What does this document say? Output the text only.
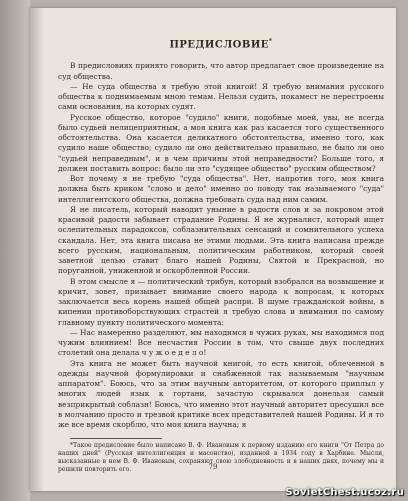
ПРЕДИСЛОВИЕ*

В предисловиях принято говорить, что автор предлагает свое произведение на суд общества.

— Не суда общества я требую этой книгой! Я требую внимания русского общества к поднимаемым мною темам. Нельзя судить, покамест не перестроены сами основания, на которых судят.

Русское общество, которое "судило" книги, подобные моей, увы, не всегда было судьей нелицеприятным, а моя книга как раз касается того существенного обстоятельства. Она касается деликатного обстоятельства, именно того, как судило наше общество; судило ли оно действительно правильно, не было ли оно "судьей неправедным", и в чем причины этой неправедности? Больше того, я должен поставить вопрос: было ли это "судящее общество" русским обществом?

Вот почему я не требую "суда общества". Нет, напротив того, моя книга должна быть криком "слово и дело" именно по поводу так называемого "суда" интеллигентского общества, должна требовать суда над ним самим.

Я не писатель, который наводит уныние в радости слов и за покровом этой красивой радости забывает страдание Родины. Я не журналист, который ищет ослепительных парадоксов, соблазнительных сенсаций и сомнительного успеха скандала. Нет, эта книга писана не этими людьми. Эта книга написана прежде всего русским, национальным, политическим работником, который своей заветной целью ставит благо нашей Родины, Святой и Прекрасной, но поруганной, униженной и оскорбленной России.

В этом смысле я — политический трибун, который взобрался на возвышение и кричит, зовет, призывает внимание своего народа к вопросам, к которых заключается весь корень нашей общей распри. В шуме гражданской войны, в кипении противоборствующих страстей я требую слова и внимания по самому главному пункту политического момента:

— Нас намеренно разделяют, мы находимся в чужих руках, мы находимся под чужим влиянием! Все несчастия России в том, что свыше двух последних столетий она делала ч у ж о е д е л о!

Эта книга не может быть научной книгой, то есть книгой, облеченной в одежды научной формулировки и снабженной так называемым "научным аппаратом". Боюсь, что за этим научным авторитетом, от которого приплыл у многих людей язык к гортани, зачастую скрывался донельзя самый везприкрытый соблазн! Боюсь, что именно этот научный авторитет пресушил все в молчанию просто и трезвой критике всех представителей нашей Родины. И я то же все время скорблю, что моя книга научна; я

*Такое предисловие было написано В. Ф. Ивановым к первому изданию его книги "От Петра до наших дней" (Русская интеллигенция и масонство), изданной в 1934 году в Харбине. Мысли, высказанные в нем В. Ф. Ивановым, сохраняют свою злободневность и в наших днях, почему мы и решили повторить его.	79
SovietChest.ucoz.ru
